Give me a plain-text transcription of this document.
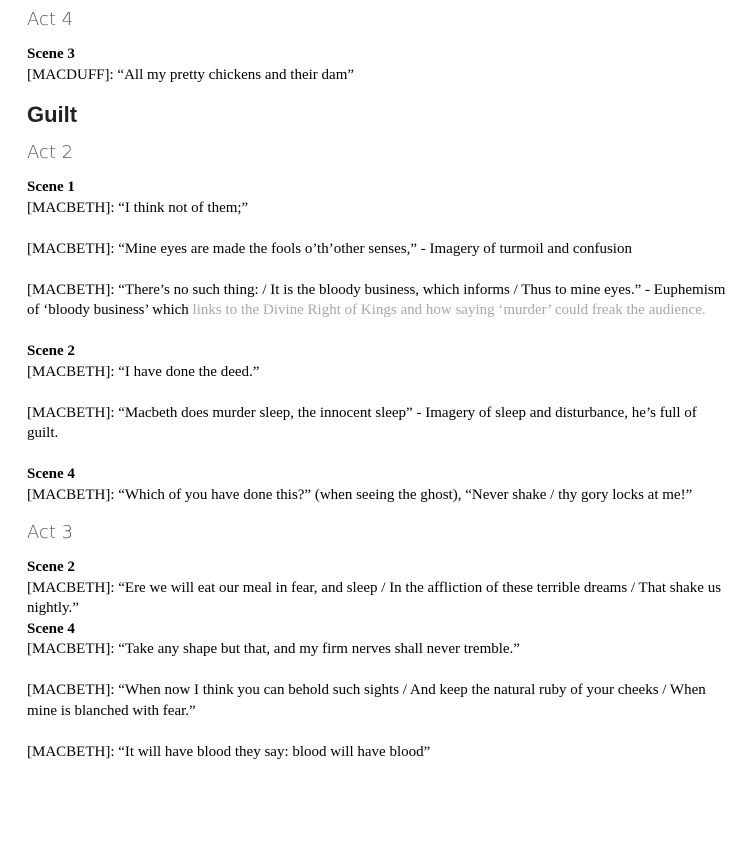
Act 4

Scene 3

[MACDUFF]: “All my pretty chickens and their dam”

Guilt
Act 2

Scene 1

[MACBETH]: “I think not of them;”

[MACBETH]: “Mine eyes are made the fools o’th’other senses,” - Imagery of turmoil and confusion

[MACBETH]: “There’s no such thing: / It is the bloody business, which informs / Thus to mine eyes.” - Euphemism of ‘bloody business’ which links to the Divine Right of Kings and how saying ‘murder’ could freak the audience.

Scene 2

[MACBETH]: “I have done the deed.”

[MACBETH]: “Macbeth does murder sleep, the innocent sleep” - Imagery of sleep and disturbance, he’s full of guilt.

Scene 4

[MACBETH]: “Which of you have done this?” (when seeing the ghost), “Never shake / thy gory locks at me!”

Act 3

Scene 2

[MACBETH]: “Ere we will eat our meal in fear, and sleep / In the affliction of these terrible dreams / That shake us nightly.”

Scene 4

[MACBETH]: “Take any shape but that, and my firm nerves shall never tremble.”

[MACBETH]: “When now I think you can behold such sights / And keep the natural ruby of your cheeks / When mine is blanched with fear.”

[MACBETH]: “It will have blood they say: blood will have blood”
